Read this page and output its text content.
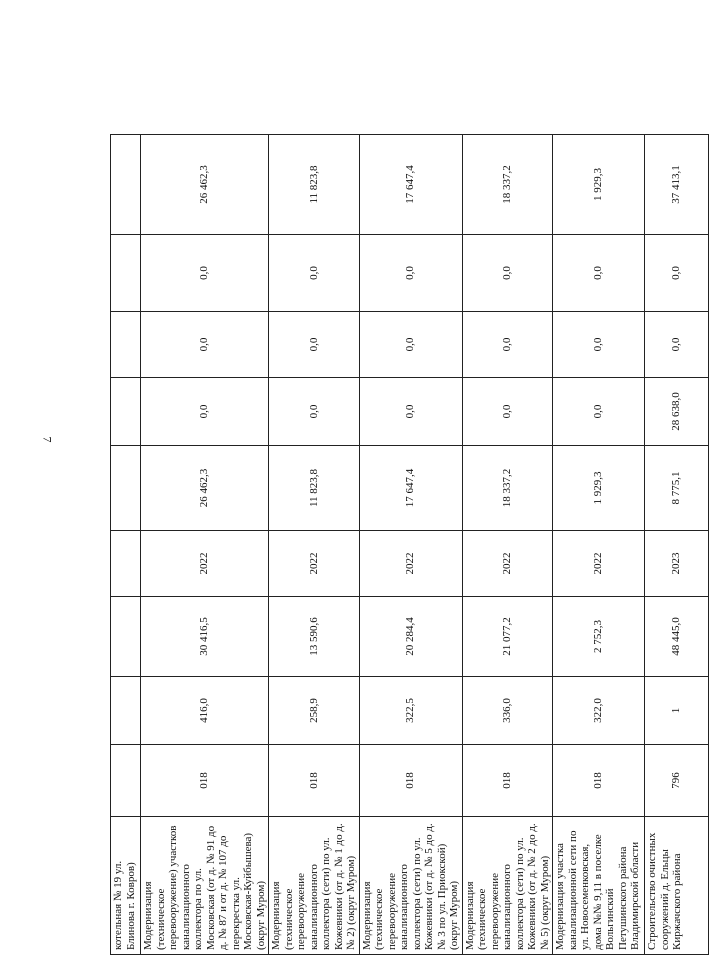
7
котельная № 19 ул. Блинова г. Ковров)									
Модернизация (техническое перевооружение) участков канализационного коллектора по ул. Московская (от д. № 91 до д. № 87 и от д. № 107 до перекрестка ул. Московская-Куйбышева) (округ Муром)	018	416,0	30 416,5	2022	26 462,3	0,0	0,0	0,0	26 462,3
Модернизация (техническое перевооружение канализационного коллектора (сети) по ул. Кожевники (от д. № 1 до д. № 2) (округ Муром)	018	258,9	13 590,6	2022	11 823,8	0,0	0,0	0,0	11 823,8
Модернизация (техническое перевооружение канализационного коллектора (сети) по ул. Кожевники (от д. № 5 до д. № 3 по ул. Приокской) (округ Муром)	018	322,5	20 284,4	2022	17 647,4	0,0	0,0	0,0	17 647,4
Модернизация (техническое перевооружение канализационного коллектора (сети) по ул. Кожевники (от д. № 2 до д. № 5) (округ Муром)	018	336,0	21 077,2	2022	18 337,2	0,0	0,0	0,0	18 337,2
Модернизация участка канализационной сети по ул. Новосеменковская, дома №№ 9,11 в поселке Вольгинский Петушинского района Владимирской области	018	322,0	2 752,3	2022	1 929,3	0,0	0,0	0,0	1 929,3
Строительство очистных сооружений д. Ельцы Киржачского района	796	1	48 445,0	2023	8 775,1	28 638,0	0,0	0,0	37 413,1
